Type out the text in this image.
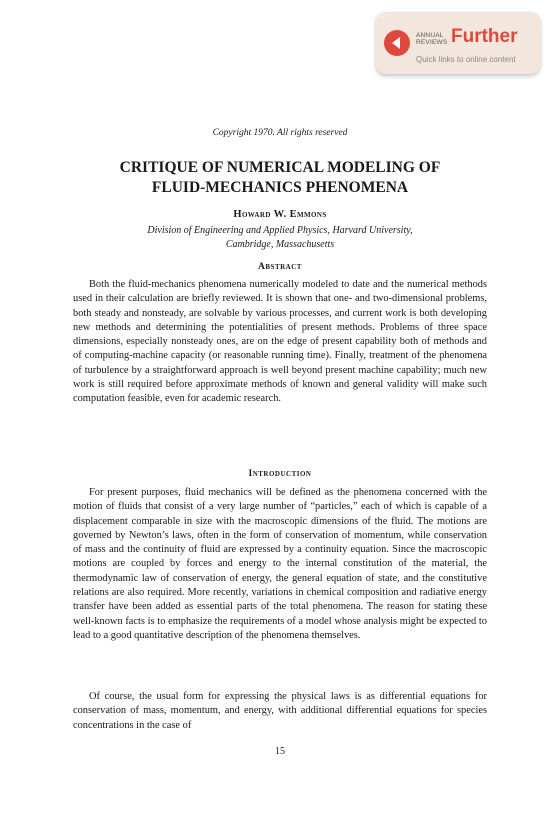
ANNUAL
REVIEWS Further
Quick links to online content
Copyright 1970. All rights reserved
CRITIQUE OF NUMERICAL MODELING OF
FLUID-MECHANICS PHENOMENA
Howard W. Emmons
Division of Engineering and Applied Physics, Harvard University,
Cambridge, Massachusetts
Abstract

Both the fluid-mechanics phenomena numerically modeled to date and the numerical methods used in their calculation are briefly reviewed. It is shown that one- and two-dimensional problems, both steady and nonsteady, are solvable by various processes, and current work is both developing new methods and determining the potentialities of present methods. Problems of three space dimensions, especially nonsteady ones, are on the edge of present capability both of methods and of computing-machine capacity (or reasonable running time). Finally, treatment of the phenomena of turbulence by a straightforward approach is well beyond present machine capability; much new work is still required before approximate methods of known and general validity will make such computation feasible, even for academic research.

Introduction

For present purposes, fluid mechanics will be defined as the phenomena concerned with the motion of fluids that consist of a very large number of “particles,” each of which is capable of a displacement comparable in size with the macroscopic dimensions of the fluid. The motions are governed by Newton’s laws, often in the form of conservation of momentum, while conservation of mass and the continuity of fluid are expressed by a continuity equation. Since the macroscopic motions are coupled by forces and energy to the internal constitution of the material, the thermodynamic law of conservation of energy, the general equation of state, and the constitutive relations are also required. More recently, variations in chemical composition and radiative energy transfer have been added as essential parts of the total phenomena. The reason for stating these well-known facts is to emphasize the requirements of a model whose analysis might be expected to lead to a good quantitative description of the phenomena themselves.

Of course, the usual form for expressing the physical laws is as differential equations for conservation of mass, momentum, and energy, with additional differential equations for species concentrations in the case of

15
